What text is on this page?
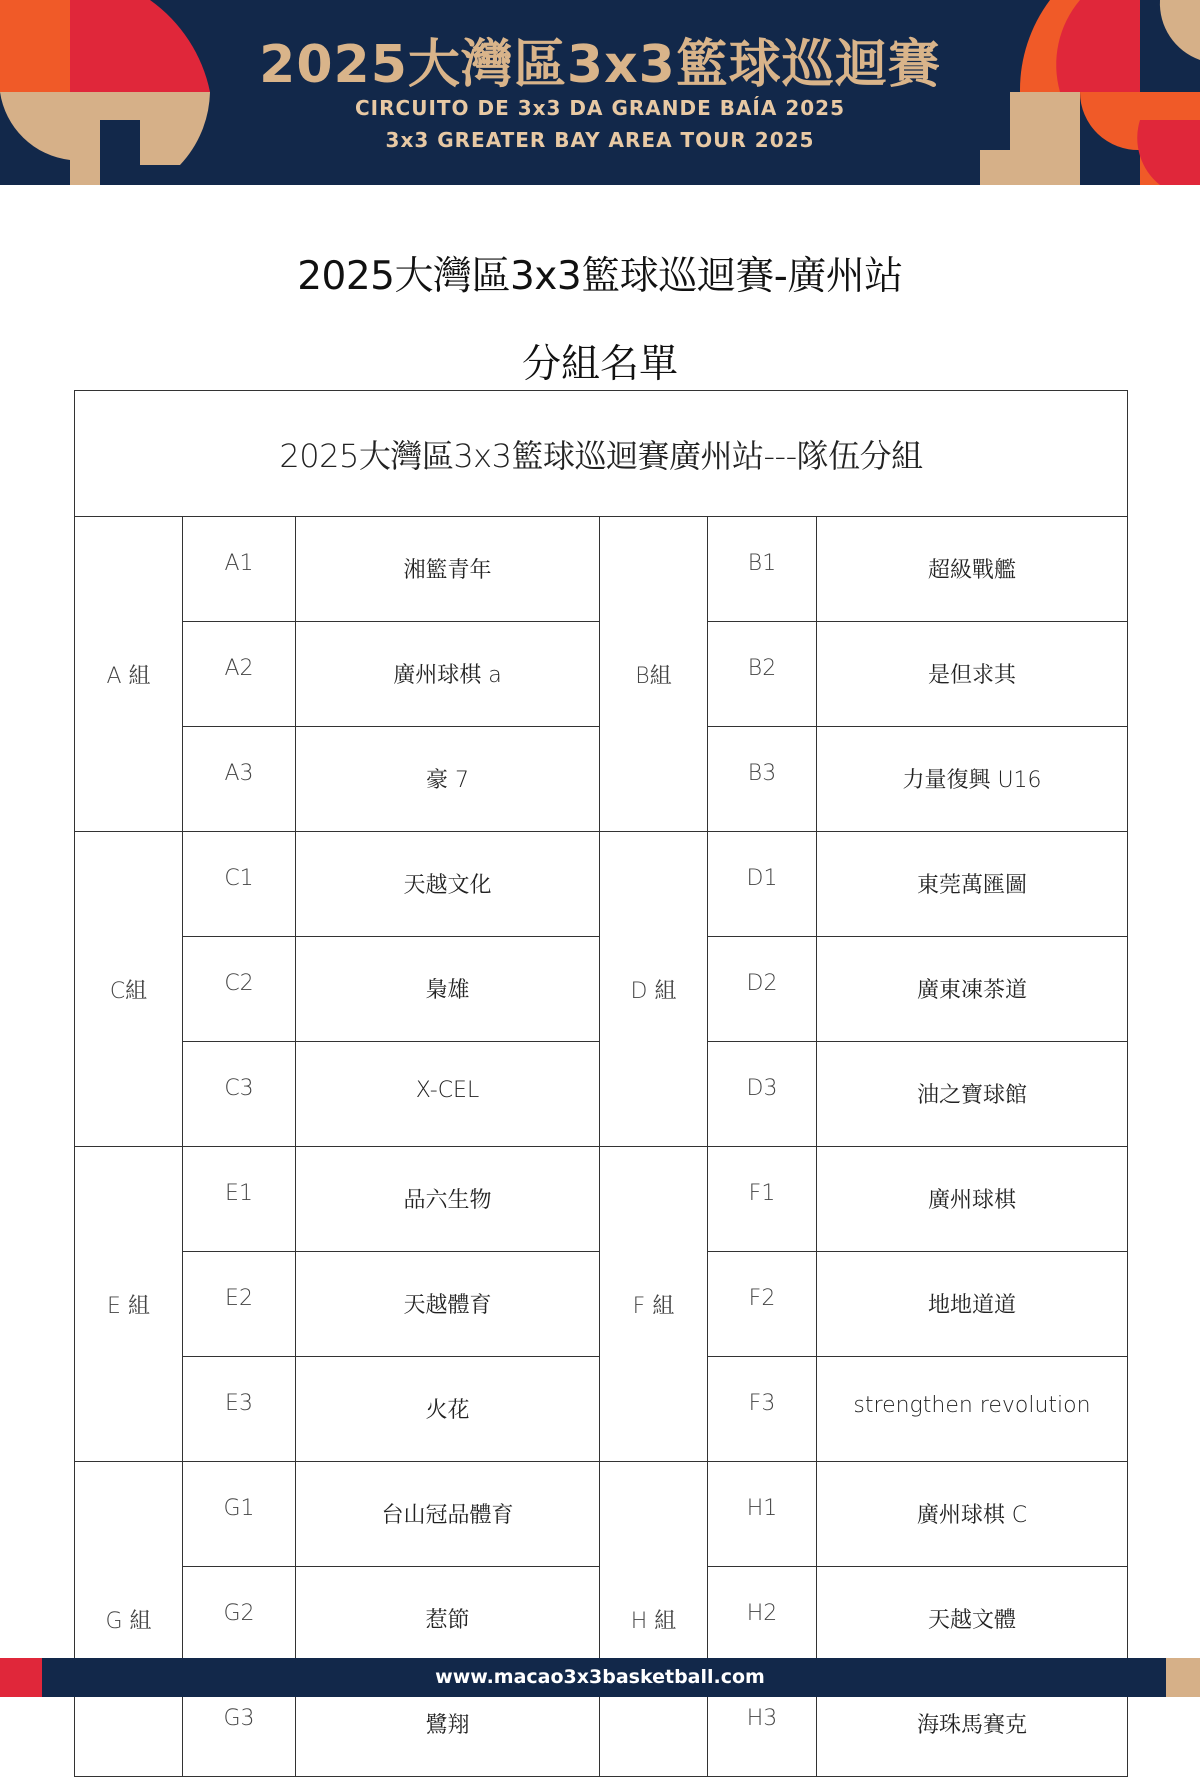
2025大灣區3x3籃球巡迴賽
CIRCUITO DE 3x3 DA GRANDE BAÍA 2025
3x3 GREATER BAY AREA TOUR 2025
2025大灣區3x3籃球巡迴賽-廣州站
分組名單
2025大灣區3x3籃球巡迴賽廣州站---隊伍分組					
A 組	A1	湘籃青年	B組	B1	超級戰艦
	A2	廣州球棋 a		B2	是但求其
	A3	豪 7		B3	力量復興 U16
C組	C1	天越文化	D 組	D1	東莞萬匯圖
	C2	梟雄		D2	廣東凍茶道
	C3	X-CEL		D3	油之寶球館
E 組	E1	品六生物	F 組	F1	廣州球棋
	E2	天越體育		F2	地地道道
	E3	火花		F3	strengthen revolution
G 組	G1	台山冠品體育	H 組	H1	廣州球棋 C
	G2	惹節		H2	天越文體
	G3	鷺翔		H3	海珠馬賽克
www.macao3x3basketball.com
